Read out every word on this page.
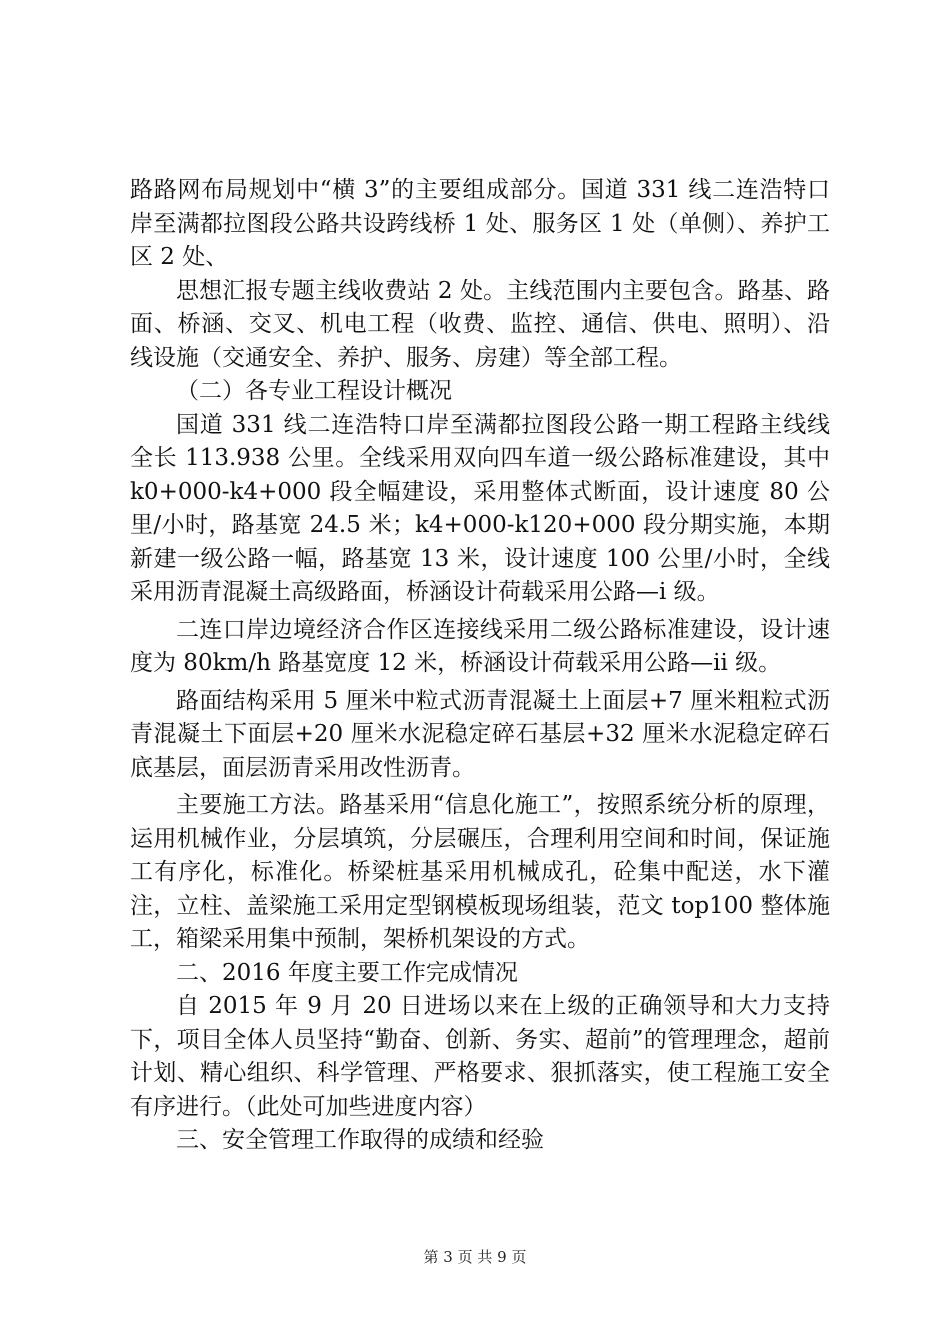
路路网布局规划中“横 3”的主要组成部分。国道 331 线二连浩特口岸至满都拉图段公路共设跨线桥 1 处、服务区 1 处（单侧）、养护工区 2 处、

思想汇报专题主线收费站 2 处。主线范围内主要包含。路基、路面、桥涵、交叉、机电工程（收费、监控、通信、供电、照明）、沿线设施（交通安全、养护、服务、房建）等全部工程。

（二）各专业工程设计概况

国道 331 线二连浩特口岸至满都拉图段公路一期工程路主线线全长 113.938 公里。全线采用双向四车道一级公路标准建设，其中 k0+000-k4+000 段全幅建设，采用整体式断面，设计速度 80 公里/小时，路基宽 24.5 米；k4+000-k120+000 段分期实施，本期新建一级公路一幅，路基宽 13 米，设计速度 100 公里/小时，全线采用沥青混凝土高级路面，桥涵设计荷载采用公路—i 级。

二连口岸边境经济合作区连接线采用二级公路标准建设，设计速度为 80km/h 路基宽度 12 米，桥涵设计荷载采用公路—ii 级。

路面结构采用 5 厘米中粒式沥青混凝土上面层+7 厘米粗粒式沥青混凝土下面层+20 厘米水泥稳定碎石基层+32 厘米水泥稳定碎石底基层，面层沥青采用改性沥青。

主要施工方法。路基采用“信息化施工”，按照系统分析的原理，运用机械作业，分层填筑，分层碾压，合理利用空间和时间，保证施工有序化，标准化。桥梁桩基采用机械成孔，砼集中配送，水下灌注，立柱、盖梁施工采用定型钢模板现场组装，范文 top100 整体施工，箱梁采用集中预制，架桥机架设的方式。

二、2016 年度主要工作完成情况

自 2015 年 9 月 20 日进场以来在上级的正确领导和大力支持下，项目全体人员坚持“勤奋、创新、务实、超前”的管理理念，超前计划、精心组织、科学管理、严格要求、狠抓落实，使工程施工安全有序进行。（此处可加些进度内容）

三、安全管理工作取得的成绩和经验

第 3 页 共 9 页
